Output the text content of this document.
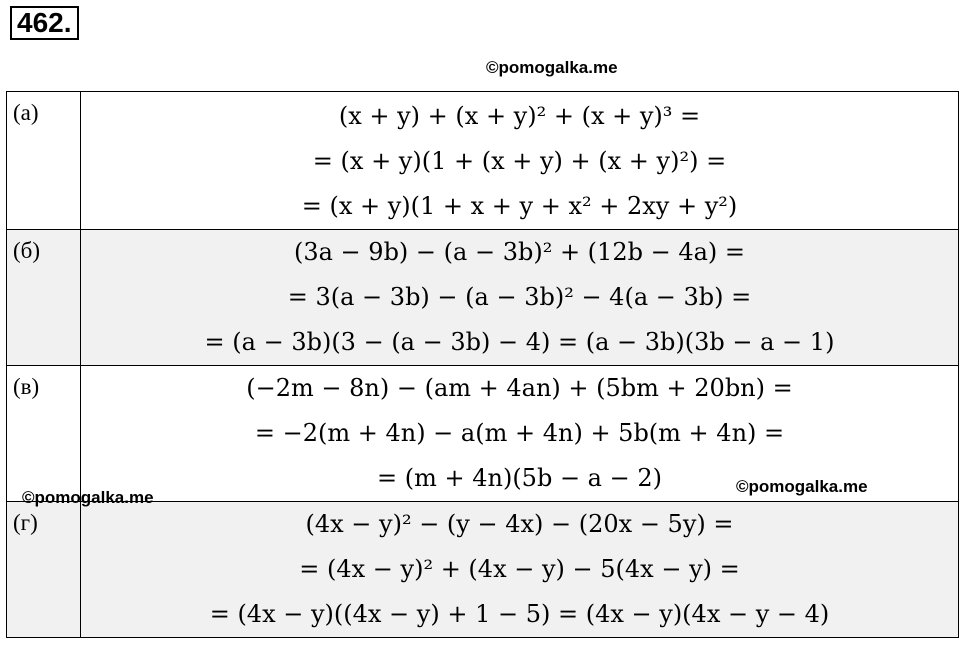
462.
©pomogalka.me
(а)	(x + y) + (x + y)² + (x + y)³ =
= (x + y)(1 + (x + y) + (x + y)²) =
= (x + y)(1 + x + y + x² + 2xy + y²)

(б)	(3a − 9b) − (a − 3b)² + (12b − 4a) =
= 3(a − 3b) − (a − 3b)² − 4(a − 3b) =
= (a − 3b)(3 − (a − 3b) − 4) = (a − 3b)(3b − a − 1)

(в)	(−2m − 8n) − (am + 4an) + (5bm + 20bn) =
= −2(m + 4n) − a(m + 4n) + 5b(m + 4n) =
= (m + 4n)(5b − a − 2)

(г)	(4x − y)² − (y − 4x) − (20x − 5y) =
= (4x − y)² + (4x − y) − 5(4x − y) =
= (4x − y)((4x − y) + 1 − 5) = (4x − y)(4x − y − 4)
©pomogalka.me
©pomogalka.me
